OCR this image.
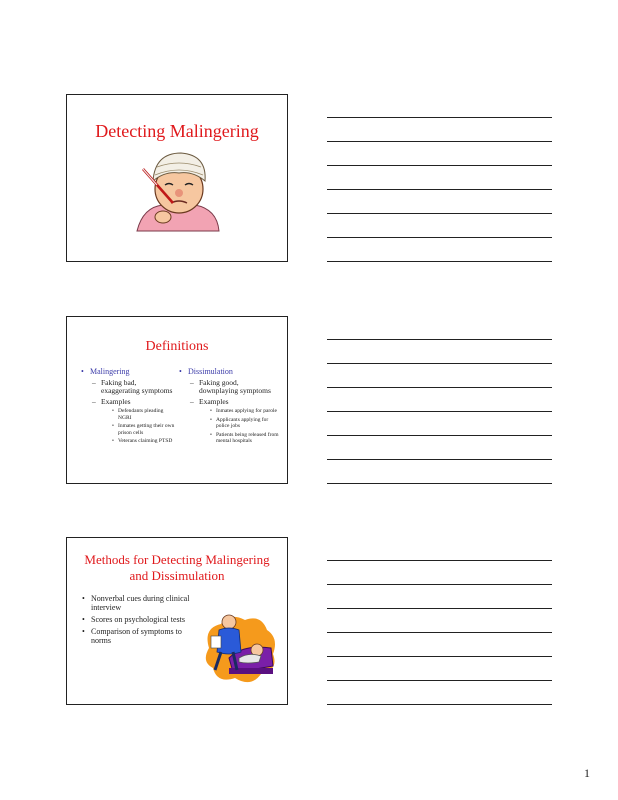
Detecting Malingering
Definitions
• Malingering
– Faking bad, exaggerating symptoms
– Examples
• Defendants pleading NGRI
• Inmates getting their own prison cells
• Veterans claiming PTSD
• Dissimulation
– Faking good, downplaying symptoms
– Examples
• Inmates applying for parole
• Applicants applying for police jobs
• Patients being released from mental hospitals
Methods for Detecting Malingering and Dissimulation
• Nonverbal cues during clinical interview
• Scores on psychological tests
• Comparison of symptoms to norms
1
